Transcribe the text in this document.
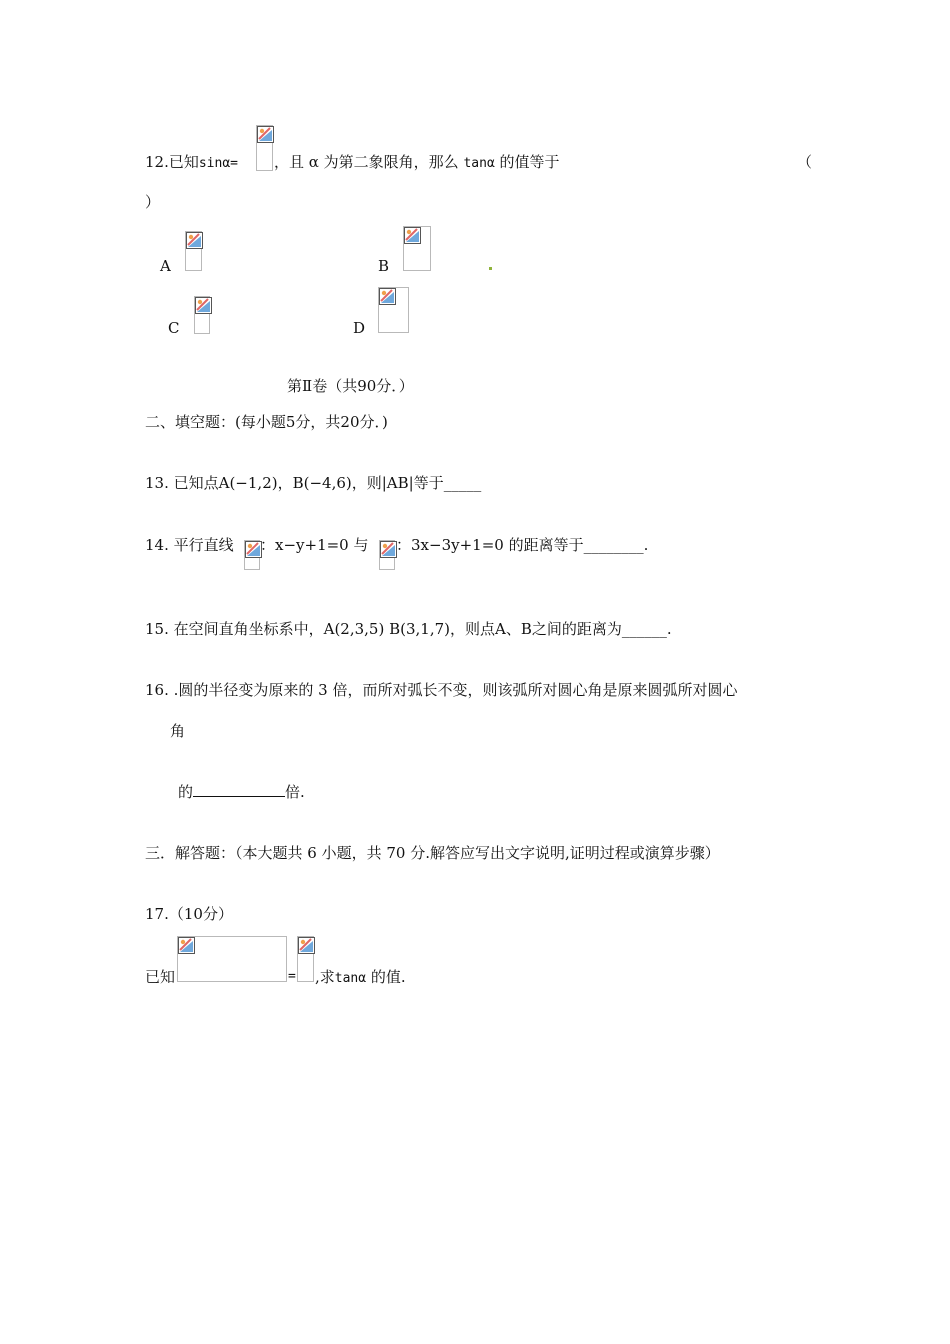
12.已知sinα= ，且 α 为第二象限角，那么 tanα 的值等于	（
）
A	B
C	D
第Ⅱ卷（共90分．）
二、填空题：(每小题5分，共20分．)
13. 已知点A(−1,2)，B(−4,6)，则|AB|等于_____
14. 平行直线 ：x−y+1=0 与 ：3x−3y+1=0 的距离等于________.
15. 在空间直角坐标系中，A(2,3,5) B(3,1,7)，则点A、B之间的距离为______.
16. .圆的半径变为原来的 3 倍，而所对弧长不变，则该弧所对圆心角是原来圆弧所对圆心
角
的	倍.
三．解答题：（本大题共 6 小题，共 70 分.解答应写出文字说明,证明过程或演算步骤）
17.（10分）
已知	= ,求tanα 的值.
